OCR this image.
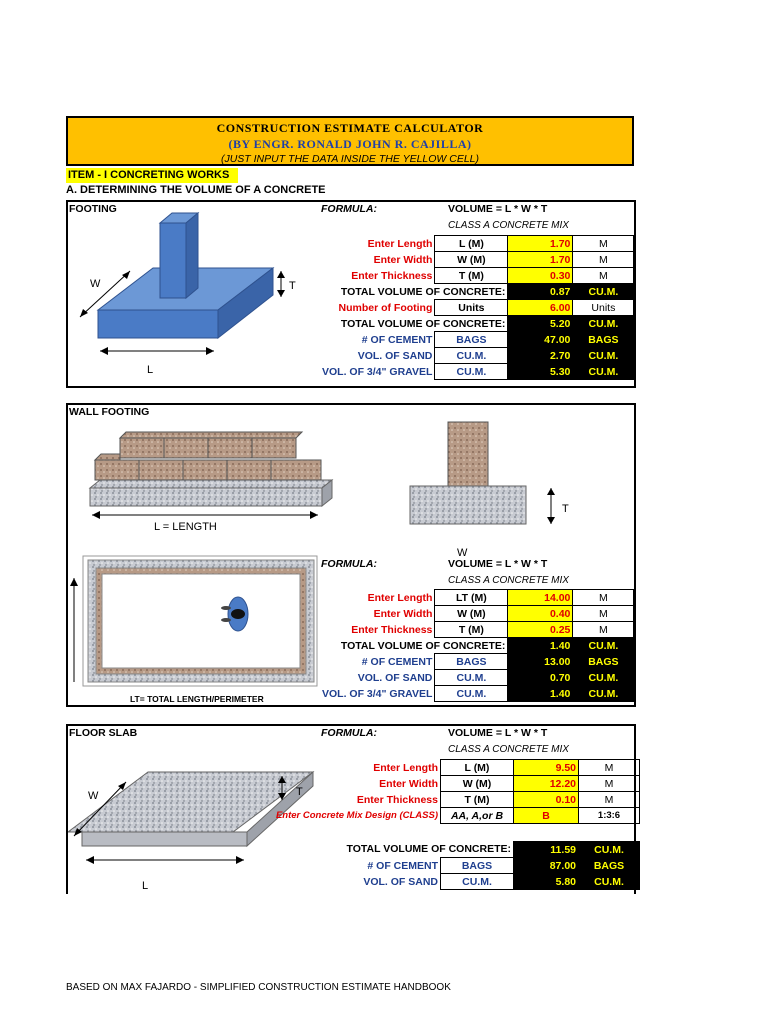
CONSTRUCTION ESTIMATE CALCULATOR
(BY ENGR. RONALD JOHN R. CAJILLA)
(JUST INPUT THE DATA INSIDE THE YELLOW CELL)
ITEM - I CONCRETING WORKS
A. DETERMINING THE VOLUME OF A CONCRETE
FOOTING	FORMULA:	VOLUME = L * W * T
CLASS A CONCRETE MIX
W	T
L
Enter Length	L (M)	1.70	M
Enter Width	W (M)	1.70	M
Enter Thickness	T (M)	0.30	M
TOTAL VOLUME OF CONCRETE:		0.87	CU.M.
Number of Footing	Units	6.00	Units
TOTAL VOLUME OF CONCRETE:		5.20	CU.M.
# OF CEMENT	BAGS	47.00	BAGS
VOL. OF SAND	CU.M.	2.70	CU.M.
VOL. OF 3/4" GRAVEL	CU.M.	5.30	CU.M.
WALL FOOTING
L = LENGTH
T
W
LT= TOTAL LENGTH/PERIMETER
FORMULA:	VOLUME = L * W * T
CLASS A CONCRETE MIX
Enter Length	LT (M)	14.00	M
Enter Width	W (M)	0.40	M
Enter Thickness	T (M)	0.25	M
TOTAL VOLUME OF CONCRETE:		1.40	CU.M.
# OF CEMENT	BAGS	13.00	BAGS
VOL. OF SAND	CU.M.	0.70	CU.M.
VOL. OF 3/4" GRAVEL	CU.M.	1.40	CU.M.
FLOOR SLAB	FORMULA:	VOLUME = L * W * T
CLASS A CONCRETE MIX
W	T
L
Enter Length	L (M)	9.50	M
Enter Width	W (M)	12.20	M
Enter Thickness	T (M)	0.10	M
Enter Concrete Mix Design (CLASS)	AA, A,or B	B	1:3:6

TOTAL VOLUME OF CONCRETE:		11.59	CU.M.
# OF CEMENT	BAGS	87.00	BAGS
VOL. OF SAND	CU.M.	5.80	CU.M.
BASED ON MAX FAJARDO - SIMPLIFIED CONSTRUCTION ESTIMATE HANDBOOK
